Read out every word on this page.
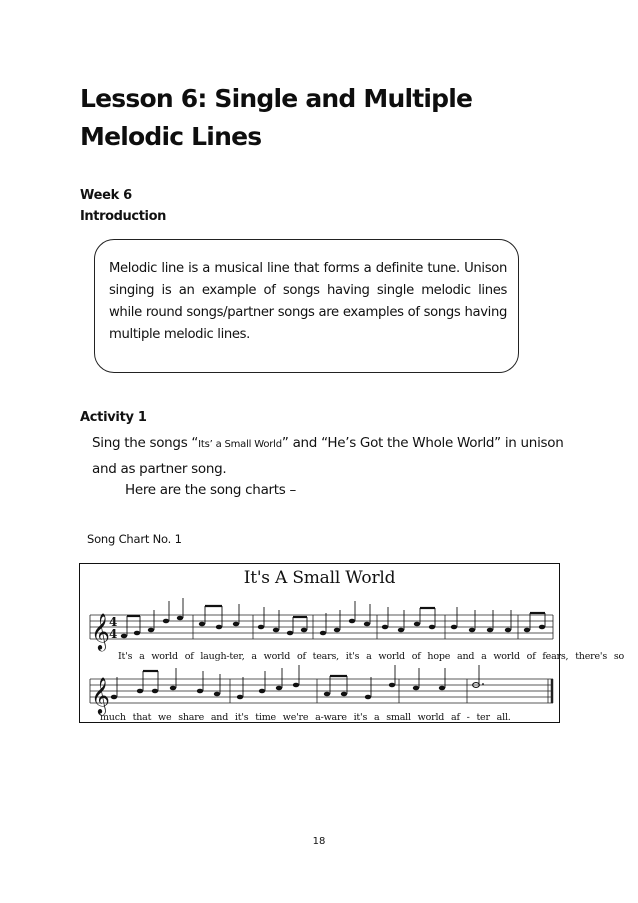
Lesson 6: Single and Multiple
Melodic Lines
Week 6
Introduction
Melodic line is a musical line that forms a definite tune. Unison singing is an example of songs having single melodic lines while round songs/partner songs are examples of songs having multiple melodic lines.
Activity 1
Sing the songs “Its’ a Small World” and “He’s Got the Whole World” in unison and as partner song.
Here are the song charts –
Song Chart No. 1
It's A Small World
𝄞
𝄞
4
4
It's a world of laugh-ter, a world of tears, it's a world of hope and a world of fears, there's so
much that we share and it's time we're a-ware it's a small world af - ter all.
18
